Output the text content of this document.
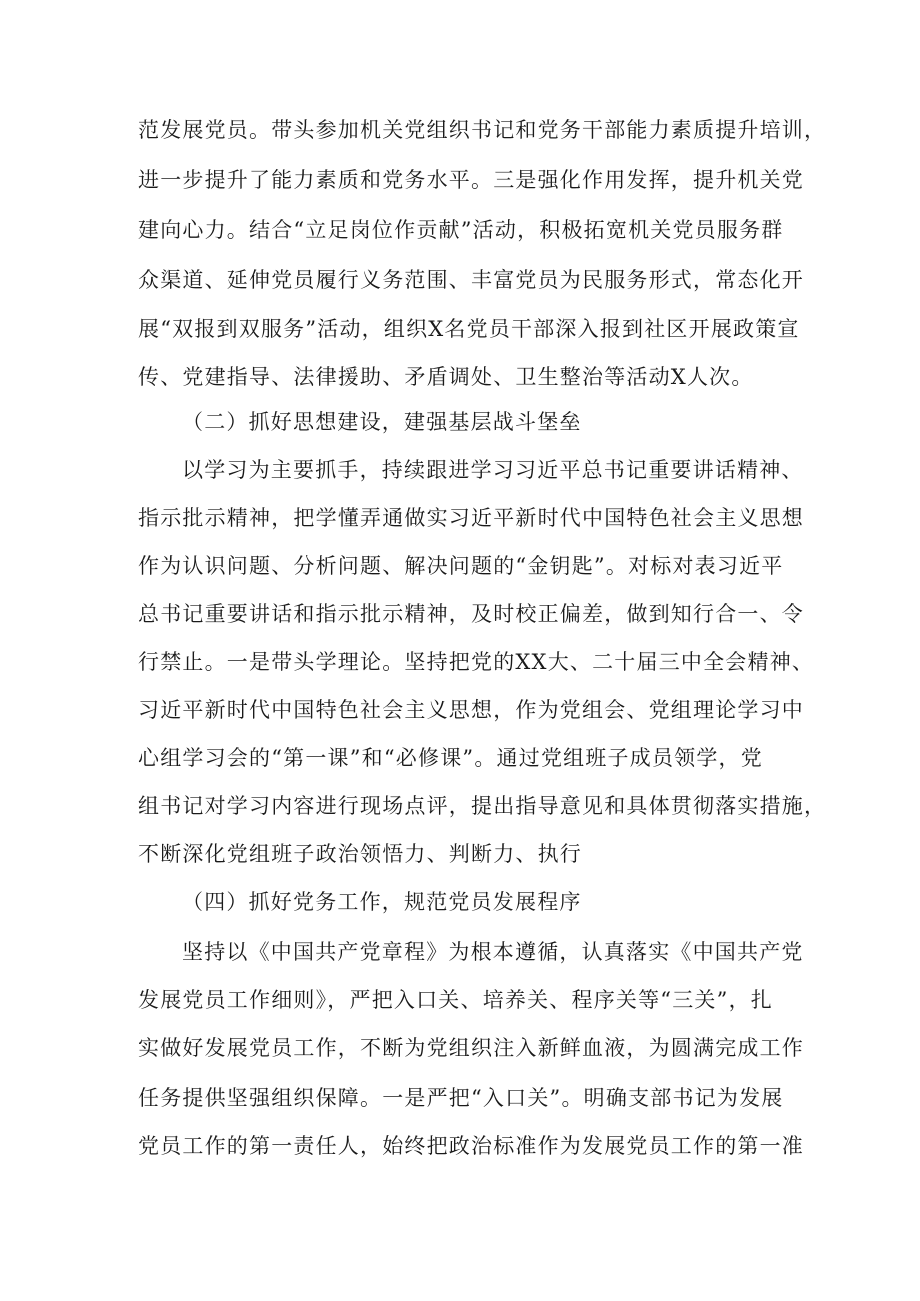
范发展党员。带头参加机关党组织书记和党务干部能力素质提升培训，
进一步提升了能力素质和党务水平。三是强化作用发挥，提升机关党
建向心力。结合“立足岗位作贡献”活动，积极拓宽机关党员服务群
众渠道、延伸党员履行义务范围、丰富党员为民服务形式，常态化开
展“双报到双服务”活动，组织X名党员干部深入报到社区开展政策宣
传、党建指导、法律援助、矛盾调处、卫生整治等活动X人次。
（二）抓好思想建设，建强基层战斗堡垒
以学习为主要抓手，持续跟进学习习近平总书记重要讲话精神、
指示批示精神，把学懂弄通做实习近平新时代中国特色社会主义思想
作为认识问题、分析问题、解决问题的“金钥匙”。对标对表习近平
总书记重要讲话和指示批示精神，及时校正偏差，做到知行合一、令
行禁止。一是带头学理论。坚持把党的XX大、二十届三中全会精神、
习近平新时代中国特色社会主义思想，作为党组会、党组理论学习中
心组学习会的“第一课”和“必修课”。通过党组班子成员领学，党
组书记对学习内容进行现场点评，提出指导意见和具体贯彻落实措施，
不断深化党组班子政治领悟力、判断力、执行
（四）抓好党务工作，规范党员发展程序
坚持以《中国共产党章程》为根本遵循，认真落实《中国共产党
发展党员工作细则》，严把入口关、培养关、程序关等“三关”，扎
实做好发展党员工作，不断为党组织注入新鲜血液，为圆满完成工作
任务提供坚强组织保障。一是严把“入口关”。明确支部书记为发展
党员工作的第一责任人，始终把政治标准作为发展党员工作的第一准
